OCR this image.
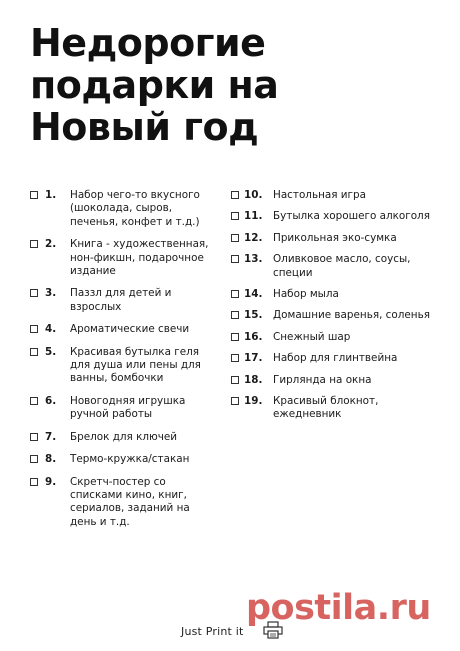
Недорогие
подарки на
Новый год
1. Набор чего-то вкусного (шоколада, сыров, печенья, конфет и т.д.)
2. Книга - художественная, нон-фикшн, подарочное издание
3. Паззл для детей и взрослых
4. Ароматические свечи
5. Красивая бутылка геля для душа или пены для ванны, бомбочки
6. Новогодняя игрушка ручной работы
7. Брелок для ключей
8. Термо-кружка/стакан
9. Скретч-постер со списками кино, книг, сериалов, заданий на день и т.д.
10. Настольная игра
11. Бутылка хорошего алкоголя
12. Прикольная эко-сумка
13. Оливковое масло, соусы, специи
14. Набор мыла
15. Домашние варенья, соленья
16. Снежный шар
17. Набор для глинтвейна
18. Гирлянда на окна
19. Красивый блокнот, ежедневник
Just Print it
postila.ru
